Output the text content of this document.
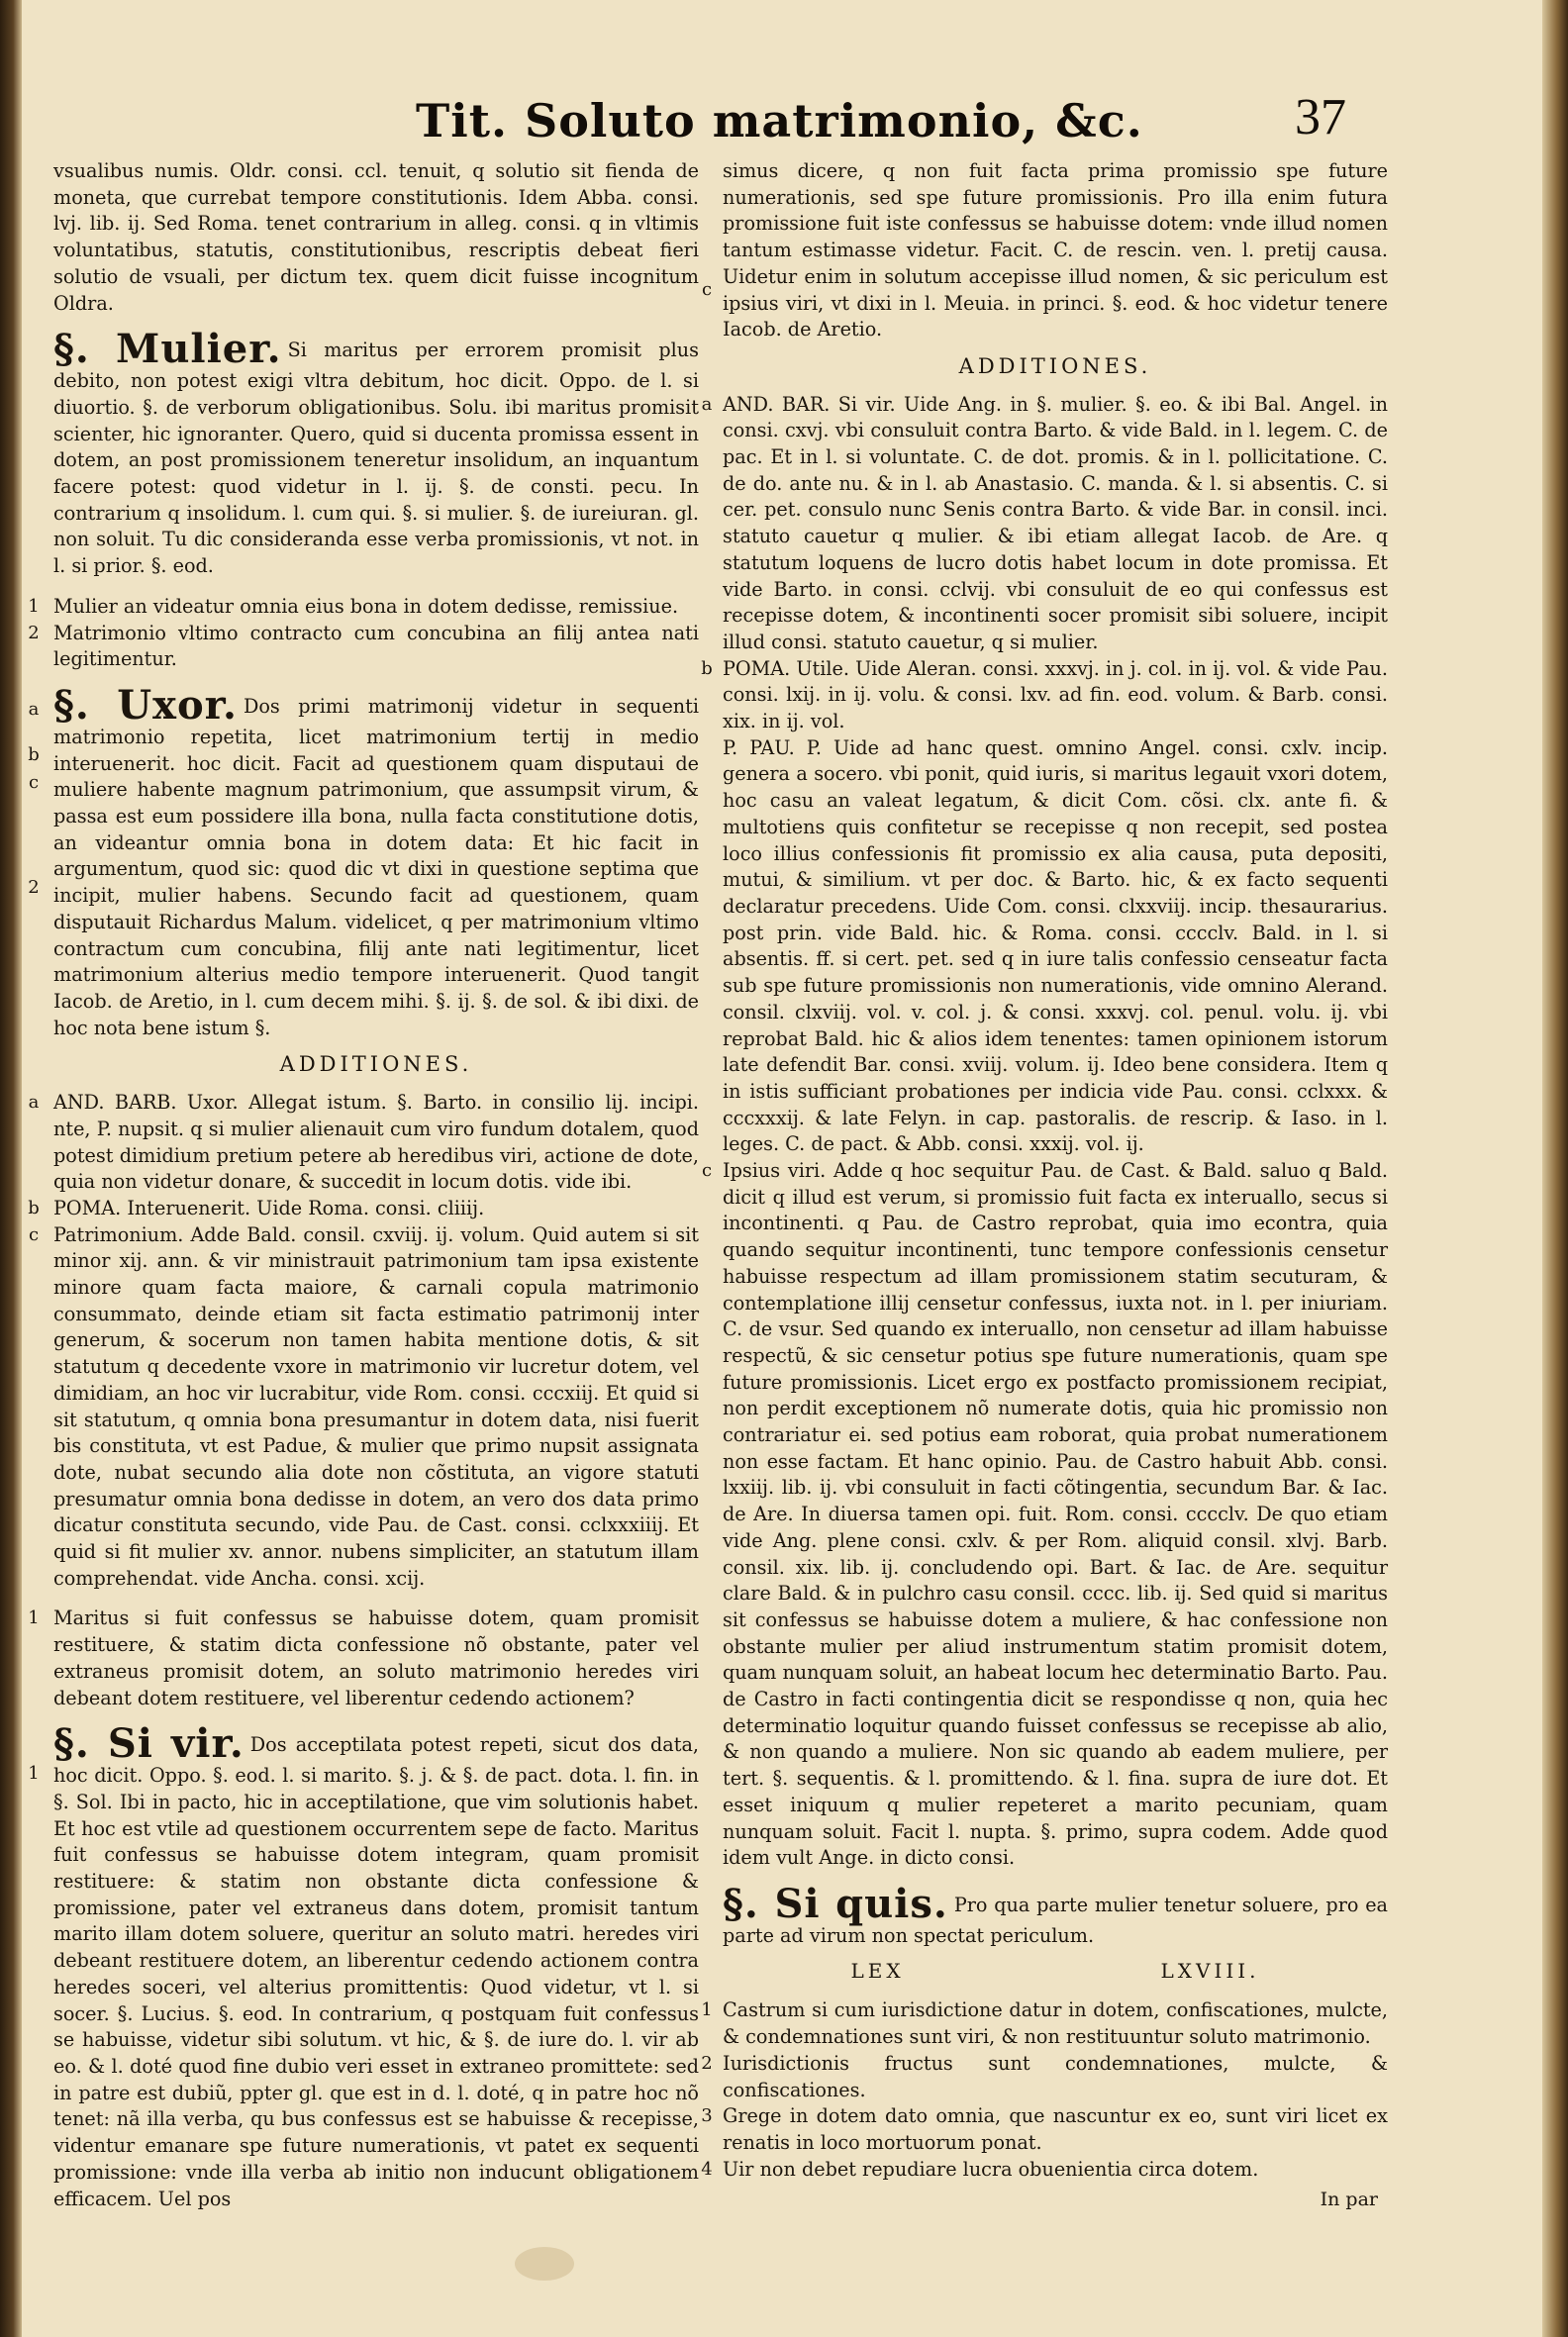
Tit. Soluto matrimonio, &c.	37

vsualibus numis. Oldr. consi. ccl. tenuit, q solutio sit fienda de moneta, que currebat tempore constitutionis. Idem Abba. consi. lvj. lib. ij. Sed Roma. tenet contrarium in alleg. consi. q in vltimis voluntatibus, statutis, constitutionibus, rescriptis debeat fieri solutio de vsuali, per dictum tex. quem dicit fuisse incognitum Oldra.

§. Mulier. Si maritus per errorem promisit plus debito, non potest exigi vltra debitum, hoc dicit. Oppo. de l. si diuortio. §. de verborum obligationibus. Solu. ibi maritus promisit scienter, hic ignoranter. Quero, quid si ducenta promissa essent in dotem, an post promissionem teneretur insolidum, an inquantum facere potest: quod videtur in l. ij. §. de consti. pecu. In contrarium q insolidum. l. cum qui. §. si mulier. §. de iureiuran. gl. non soluit. Tu dic consideranda esse verba promissionis, vt not. in l. si prior. §. eod.

1 Mulier an videatur omnia eius bona in dotem dedisse, remissiue.

2 Matrimonio vltimo contracto cum concubina an filij antea nati legitimentur.

a
b
c
2

§. Uxor. Dos primi matrimonij videtur in sequenti matrimonio repetita, licet matrimonium tertij in medio interuenerit. hoc dicit. Facit ad questionem quam disputaui de muliere habente magnum patrimonium, que assumpsit virum, & passa est eum possidere illa bona, nulla facta constitutione dotis, an videantur omnia bona in dotem data: Et hic facit in argumentum, quod sic: quod dic vt dixi in questione septima que incipit, mulier habens. Secundo facit ad questionem, quam disputauit Richardus Malum. videlicet, q per matrimonium vltimo contractum cum concubina, filij ante nati legitimentur, licet matrimonium alterius medio tempore interuenerit. Quod tangit Iacob. de Aretio, in l. cum decem mihi. §. ij. §. de sol. & ibi dixi. de hoc nota bene istum §.

ADDITIONES.
a AND. BARB. Uxor. Allegat istum. §. Barto. in consilio lij. incipi. nte, P. nupsit. q si mulier alienauit cum viro fundum dotalem, quod potest dimidium pretium petere ab heredibus viri, actione de dote, quia non videtur donare, & succedit in locum dotis. vide ibi.

b POMA. Interuenerit. Uide Roma. consi. cliiij.

c Patrimonium. Adde Bald. consil. cxviij. ij. volum. Quid autem si sit minor xij. ann. & vir ministrauit patrimonium tam ipsa existente minore quam facta maiore, & carnali copula matrimonio consummato, deinde etiam sit facta estimatio patrimonij inter generum, & socerum non tamen habita mentione dotis, & sit statutum q decedente vxore in matrimonio vir lucretur dotem, vel dimidiam, an hoc vir lucrabitur, vide Rom. consi. cccxiij. Et quid si sit statutum, q omnia bona presumantur in dotem data, nisi fuerit bis constituta, vt est Padue, & mulier que primo nupsit assignata dote, nubat secundo alia dote non cõstituta, an vigore statuti presumatur omnia bona dedisse in dotem, an vero dos data primo dicatur constituta secundo, vide Pau. de Cast. consi. cclxxxiiij. Et quid si fit mulier xv. annor. nubens simpliciter, an statutum illam comprehendat. vide Ancha. consi. xcij.

1 Maritus si fuit confessus se habuisse dotem, quam promisit restituere, & statim dicta confessione nõ obstante, pater vel extraneus promisit dotem, an soluto matrimonio heredes viri debeant dotem restituere, vel liberentur cedendo actionem?

1

§. Si vir. Dos acceptilata potest repeti, sicut dos data, hoc dicit. Oppo. §. eod. l. si marito. §. j. & §. de pact. dota. l. fin. in §. Sol. Ibi in pacto, hic in acceptilatione, que vim solutionis habet. Et hoc est vtile ad questionem occurrentem sepe de facto. Maritus fuit confessus se habuisse dotem integram, quam promisit restituere: & statim non obstante dicta confessione & promissione, pater vel extraneus dans dotem, promisit tantum marito illam dotem soluere, queritur an soluto matri. heredes viri debeant restituere dotem, an liberentur cedendo actionem contra heredes soceri, vel alterius promittentis: Quod videtur, vt l. si socer. §. Lucius. §. eod. In contrarium, q postquam fuit confessus se habuisse, videtur sibi solutum. vt hic, & §. de iure do. l. vir ab eo. & l. doté quod fine dubio veri esset in extraneo promittete: sed in patre est dubiũ, ppter gl. que est in d. l. doté, q in patre hoc nõ tenet: nã illa verba, qu bus confessus est se habuisse & recepisse, videntur emanare spe future numerationis, vt patet ex sequenti promissione: vnde illa verba ab initio non inducunt obligationem efficacem. Uel pos

c

simus dicere, q non fuit facta prima promissio spe future numerationis, sed spe future promissionis. Pro illa enim futura promissione fuit iste confessus se habuisse dotem: vnde illud nomen tantum estimasse videtur. Facit. C. de rescin. ven. l. pretij causa. Uidetur enim in solutum accepisse illud nomen, & sic periculum est ipsius viri, vt dixi in l. Meuia. in princi. §. eod. & hoc videtur tenere Iacob. de Aretio.

ADDITIONES.
a AND. BAR. Si vir. Uide Ang. in §. mulier. §. eo. & ibi Bal. Angel. in consi. cxvj. vbi consuluit contra Barto. & vide Bald. in l. legem. C. de pac. Et in l. si voluntate. C. de dot. promis. & in l. pollicitatione. C. de do. ante nu. & in l. ab Anastasio. C. manda. & l. si absentis. C. si cer. pet. consulo nunc Senis contra Barto. & vide Bar. in consil. inci. statuto cauetur q mulier. & ibi etiam allegat Iacob. de Are. q statutum loquens de lucro dotis habet locum in dote promissa. Et vide Barto. in consi. cclvij. vbi consuluit de eo qui confessus est recepisse dotem, & incontinenti socer promisit sibi soluere, incipit illud consi. statuto cauetur, q si mulier.

b POMA. Utile. Uide Aleran. consi. xxxvj. in j. col. in ij. vol. & vide Pau. consi. lxij. in ij. volu. & consi. lxv. ad fin. eod. volum. & Barb. consi. xix. in ij. vol.

P. PAU. P. Uide ad hanc quest. omnino Angel. consi. cxlv. incip. genera a socero. vbi ponit, quid iuris, si maritus legauit vxori dotem, hoc casu an valeat legatum, & dicit Com. cõsi. clx. ante fi. & multotiens quis confitetur se recepisse q non recepit, sed postea loco illius confessionis fit promissio ex alia causa, puta depositi, mutui, & similium. vt per doc. & Barto. hic, & ex facto sequenti declaratur precedens. Uide Com. consi. clxxviij. incip. thesaurarius. post prin. vide Bald. hic. & Roma. consi. cccclv. Bald. in l. si absentis. ff. si cert. pet. sed q in iure talis confessio censeatur facta sub spe future promissionis non numerationis, vide omnino Alerand. consil. clxviij. vol. v. col. j. & consi. xxxvj. col. penul. volu. ij. vbi reprobat Bald. hic & alios idem tenentes: tamen opinionem istorum late defendit Bar. consi. xviij. volum. ij. Ideo bene considera. Item q in istis sufficiant probationes per indicia vide Pau. consi. cclxxx. & cccxxxij. & late Felyn. in cap. pastoralis. de rescrip. & Iaso. in l. leges. C. de pact. & Abb. consi. xxxij. vol. ij.

c Ipsius viri. Adde q hoc sequitur Pau. de Cast. & Bald. saluo q Bald. dicit q illud est verum, si promissio fuit facta ex interuallo, secus si incontinenti. q Pau. de Castro reprobat, quia imo econtra, quia quando sequitur incontinenti, tunc tempore confessionis censetur habuisse respectum ad illam promissionem statim secuturam, & contemplatione illij censetur confessus, iuxta not. in l. per iniuriam. C. de vsur. Sed quando ex interuallo, non censetur ad illam habuisse respectũ, & sic censetur potius spe future numerationis, quam spe future promissionis. Licet ergo ex postfacto promissionem recipiat, non perdit exceptionem nõ numerate dotis, quia hic promissio non contrariatur ei. sed potius eam roborat, quia probat numerationem non esse factam. Et hanc opinio. Pau. de Castro habuit Abb. consi. lxxiij. lib. ij. vbi consuluit in facti cõtingentia, secundum Bar. & Iac. de Are. In diuersa tamen opi. fuit. Rom. consi. cccclv. De quo etiam vide Ang. plene consi. cxlv. & per Rom. aliquid consil. xlvj. Barb. consil. xix. lib. ij. concludendo opi. Bart. & Iac. de Are. sequitur clare Bald. & in pulchro casu consil. cccc. lib. ij. Sed quid si maritus sit confessus se habuisse dotem a muliere, & hac confessione non obstante mulier per aliud instrumentum statim promisit dotem, quam nunquam soluit, an habeat locum hec determinatio Barto. Pau. de Castro in facti contingentia dicit se respondisse q non, quia hec determinatio loquitur quando fuisset confessus se recepisse ab alio, & non quando a muliere. Non sic quando ab eadem muliere, per tert. §. sequentis. & l. promittendo. & l. fina. supra de iure dot. Et esset iniquum q mulier repeteret a marito pecuniam, quam nunquam soluit. Facit l. nupta. §. primo, supra codem. Adde quod idem vult Ange. in dicto consi.

§. Si quis. Pro qua parte mulier tenetur soluere, pro ea parte ad virum non spectat periculum.

LEX	LXVIII.
1 Castrum si cum iurisdictione datur in dotem, confiscationes, mulcte, & condemnationes sunt viri, & non restituuntur soluto matrimonio.

2 Iurisdictionis fructus sunt condemnationes, mulcte, & confiscationes.

3 Grege in dotem dato omnia, que nascuntur ex eo, sunt viri licet ex renatis in loco mortuorum ponat.

4 Uir non debet repudiare lucra obuenientia circa dotem.

In par
